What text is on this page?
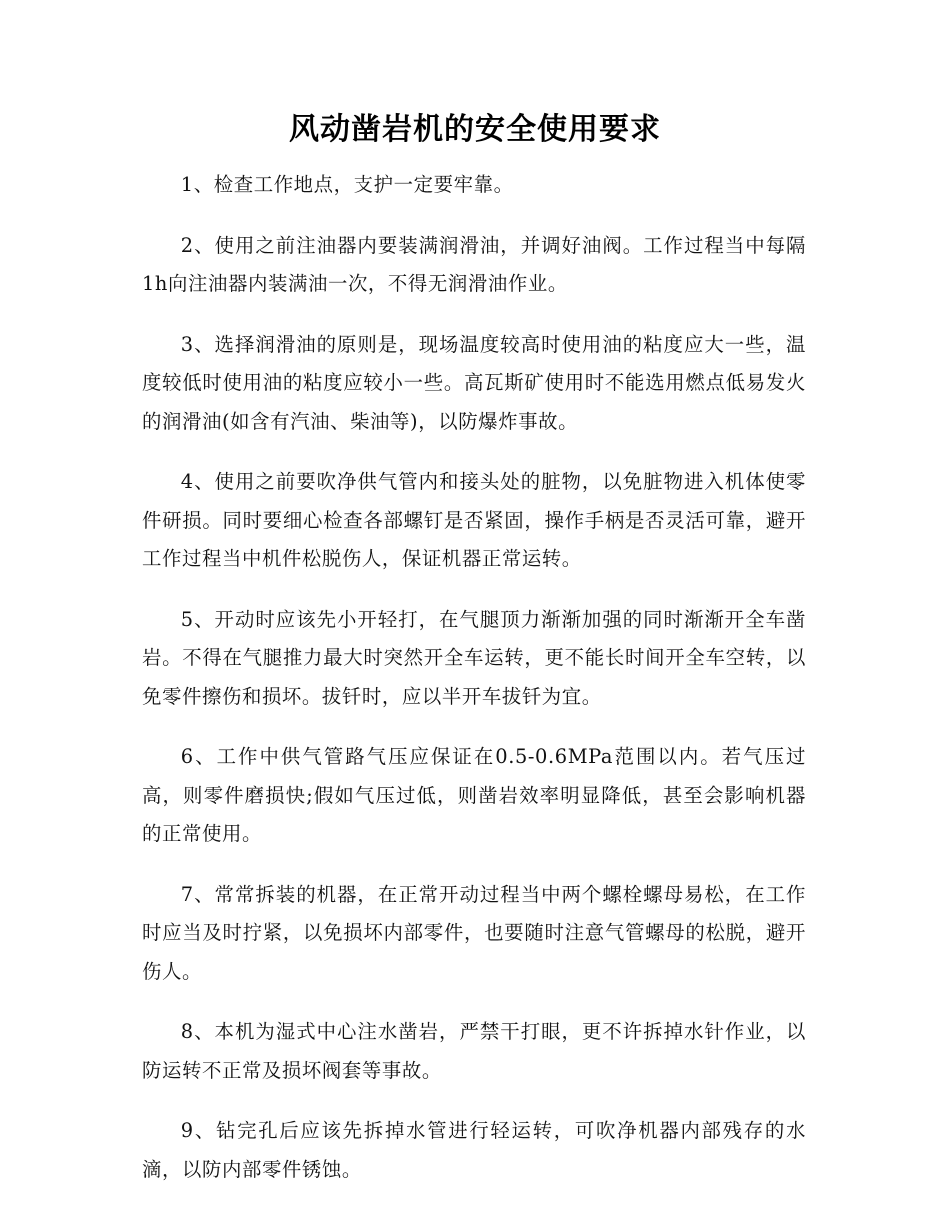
风动凿岩机的安全使用要求

1、检查工作地点，支护一定要牢靠。

2、使用之前注油器内要装满润滑油，并调好油阀。工作过程当中每隔1h向注油器内装满油一次，不得无润滑油作业。

3、选择润滑油的原则是，现场温度较高时使用油的粘度应大一些，温度较低时使用油的粘度应较小一些。高瓦斯矿使用时不能选用燃点低易发火的润滑油(如含有汽油、柴油等)，以防爆炸事故。

4、使用之前要吹净供气管内和接头处的脏物，以免脏物进入机体使零件研损。同时要细心检查各部螺钉是否紧固，操作手柄是否灵活可靠，避开工作过程当中机件松脱伤人，保证机器正常运转。

5、开动时应该先小开轻打，在气腿顶力渐渐加强的同时渐渐开全车凿岩。不得在气腿推力最大时突然开全车运转，更不能长时间开全车空转，以免零件擦伤和损坏。拔钎时，应以半开车拔钎为宜。

6、工作中供气管路气压应保证在0.5-0.6MPa范围以内。若气压过高，则零件磨损快;假如气压过低，则凿岩效率明显降低，甚至会影响机器的正常使用。

7、常常拆装的机器，在正常开动过程当中两个螺栓螺母易松，在工作时应当及时拧紧，以免损坏内部零件，也要随时注意气管螺母的松脱，避开伤人。

8、本机为湿式中心注水凿岩，严禁干打眼，更不许拆掉水针作业，以防运转不正常及损坏阀套等事故。

9、钻完孔后应该先拆掉水管进行轻运转，可吹净机器内部残存的水滴，以防内部零件锈蚀。
